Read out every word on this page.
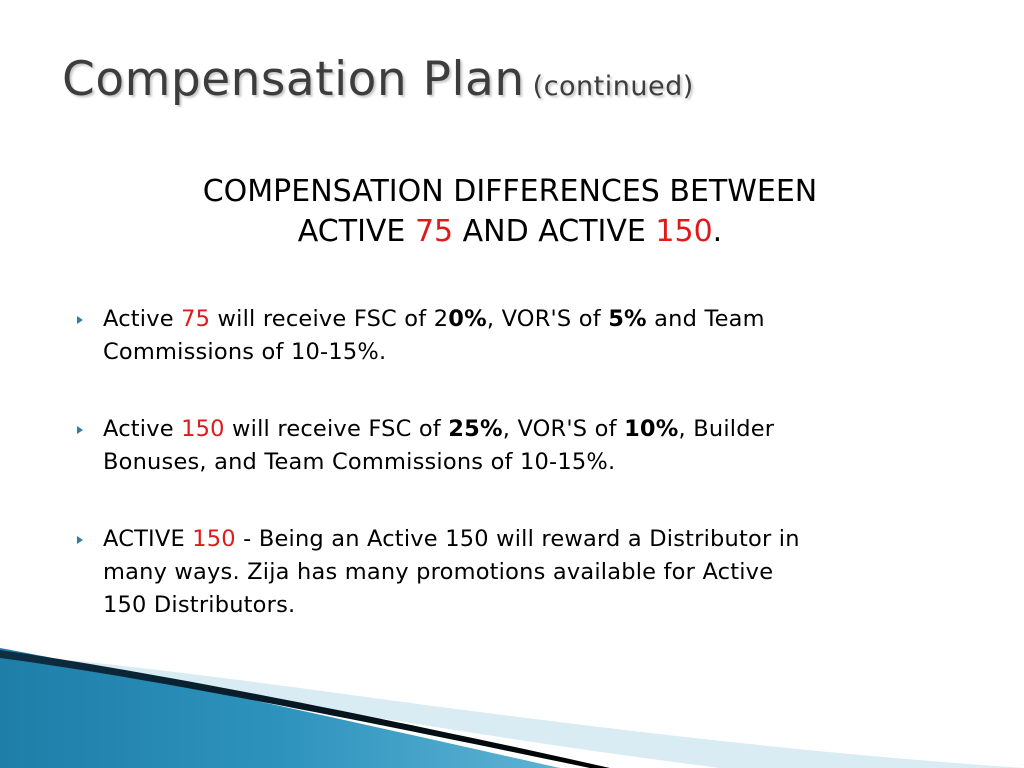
Compensation Plan (continued)
COMPENSATION DIFFERENCES BETWEEN
ACTIVE 75 AND ACTIVE 150.
Active 75 will receive FSC of 20%, VOR'S of 5% and Team
Commissions of 10-15%.
Active 150 will receive FSC of 25%, VOR'S of 10%, Builder
Bonuses, and Team Commissions of 10-15%.
ACTIVE 150 - Being an Active 150 will reward a Distributor in
many ways. Zija has many promotions available for Active
150 Distributors.
